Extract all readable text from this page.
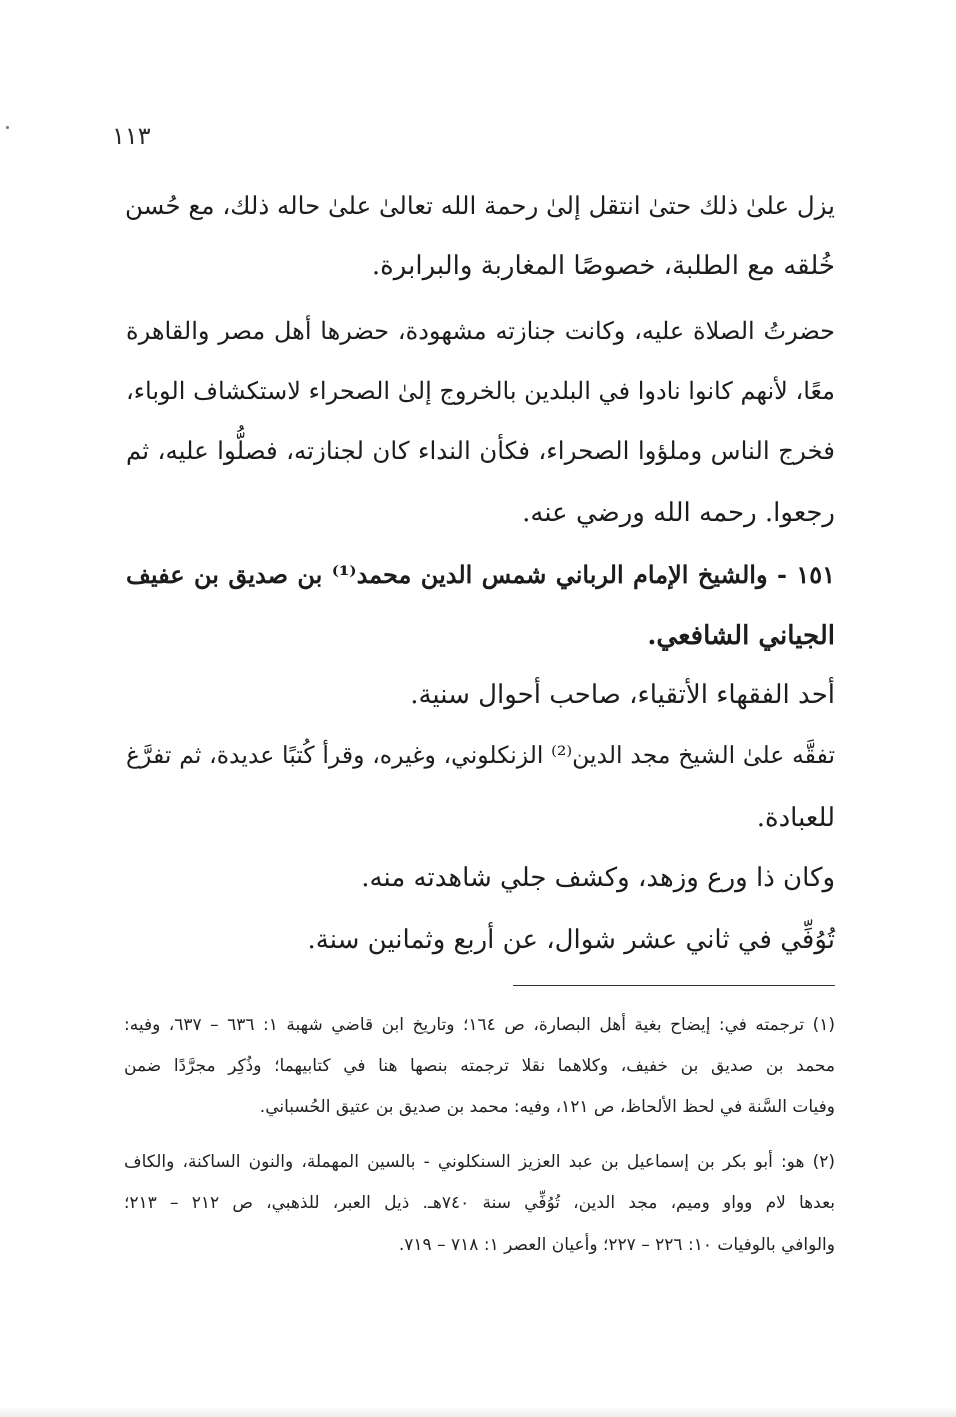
١١٣
يزل علىٰ ذلك حتىٰ انتقل إلىٰ رحمة الله تعالىٰ علىٰ حاله ذلك، مع حُسن
خُلقه مع الطلبة، خصوصًا المغاربة والبرابرة.
حضرتُ الصلاة عليه، وكانت جنازته مشهودة، حضرها أهل مصر والقاهرة
معًا، لأنهم كانوا نادوا في البلدين بالخروج إلىٰ الصحراء لاستكشاف الوباء،
فخرج الناس وملؤوا الصحراء، فكأن النداء كان لجنازته، فصلُّوا عليه، ثم
رجعوا. رحمه الله ورضي عنه.
١٥١ - والشيخ الإمام الرباني شمس الدين محمد⁽¹⁾ بن صديق بن عفيف
الجياني الشافعي.
أحد الفقهاء الأتقياء، صاحب أحوال سنية.
تفقَّه علىٰ الشيخ مجد الدين⁽²⁾ الزنكلوني، وغيره، وقرأ كُتبًا عديدة، ثم تفرَّغ
للعبادة.
وكان ذا ورع وزهد، وكشف جلي شاهدته منه.
تُوُفِّي في ثاني عشر شوال، عن أربع وثمانين سنة.
(١) ترجمته في: إيضاح بغية أهل البصارة، ص ١٦٤؛ وتاريخ ابن قاضي شهبة ١: ٦٣٦ – ٦٣٧، وفيه:
محمد بن صديق بن خفيف، وكلاهما نقلا ترجمته بنصها هنا في كتابيهما؛ وذُكِر مجرَّدًا ضمن
وفيات السَّنة في لحظ الألحاظ، ص ١٢١، وفيه: محمد بن صديق بن عتيق الحُسباني.
(٢) هو: أبو بكر بن إسماعيل بن عبد العزيز السنكلوني - بالسين المهملة، والنون الساكنة، والكاف
بعدها لام وواو وميم، مجد الدين، تُوُفِّي سنة ٧٤٠هـ. ذيل العبر، للذهبي، ص ٢١٢ – ٢١٣؛
والوافي بالوفيات ١٠: ٢٢٦ – ٢٢٧؛ وأعيان العصر ١: ٧١٨ – ٧١٩.
